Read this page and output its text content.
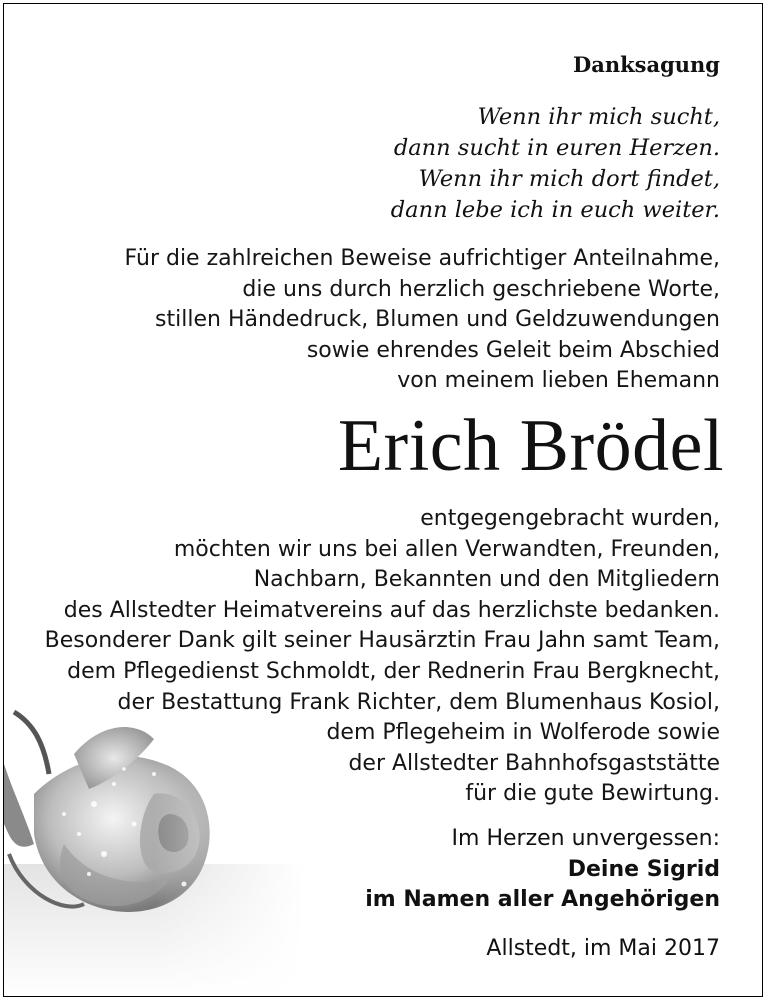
Danksagung
Wenn ihr mich sucht,
dann sucht in euren Herzen.
Wenn ihr mich dort findet,
dann lebe ich in euch weiter.
Für die zahlreichen Beweise aufrichtiger Anteilnahme,
die uns durch herzlich geschriebene Worte,
stillen Händedruck, Blumen und Geldzuwendungen
sowie ehrendes Geleit beim Abschied
von meinem lieben Ehemann
Erich Brödel
entgegengebracht wurden,
möchten wir uns bei allen Verwandten, Freunden,
Nachbarn, Bekannten und den Mitgliedern
des Allstedter Heimatvereins auf das herzlichste bedanken.
Besonderer Dank gilt seiner Hausärztin Frau Jahn samt Team,
dem Pflegedienst Schmoldt, der Rednerin Frau Bergknecht,
der Bestattung Frank Richter, dem Blumenhaus Kosiol,
dem Pflegeheim in Wolferode sowie
der Allstedter Bahnhofsgaststätte
für die gute Bewirtung.
Im Herzen unvergessen:
Deine Sigrid
im Namen aller Angehörigen
Allstedt, im Mai 2017
